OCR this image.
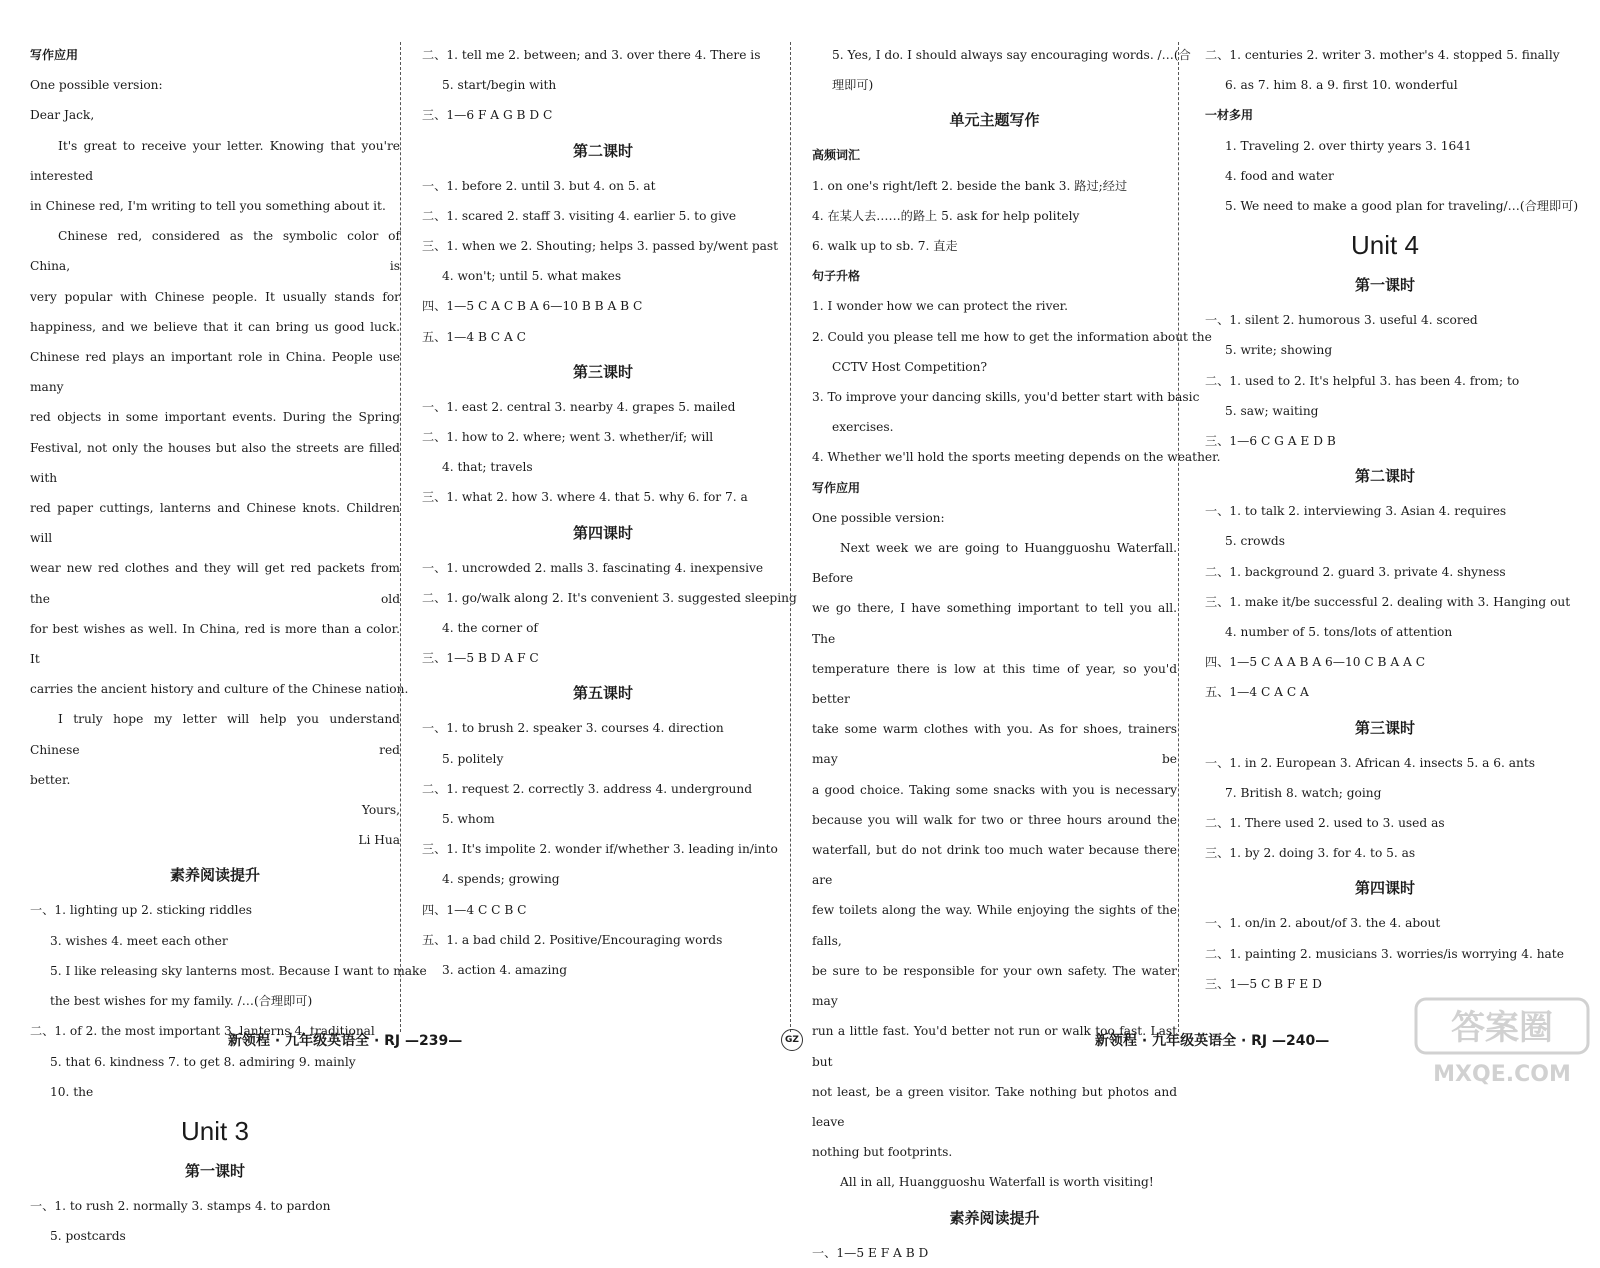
写作应用
One possible version:
Dear Jack,
It's great to receive your letter. Knowing that you're interested
in Chinese red, I'm writing to tell you something about it.
Chinese red, considered as the symbolic color of China, is
very popular with Chinese people. It usually stands for
happiness, and we believe that it can bring us good luck.
Chinese red plays an important role in China. People use many
red objects in some important events. During the Spring
Festival, not only the houses but also the streets are filled with
red paper cuttings, lanterns and Chinese knots. Children will
wear new red clothes and they will get red packets from the old
for best wishes as well. In China, red is more than a color. It
carries the ancient history and culture of the Chinese nation.
I truly hope my letter will help you understand Chinese red
better.
Yours,
Li Hua
素养阅读提升
一、1. lighting up 2. sticking riddles
3. wishes 4. meet each other
5. I like releasing sky lanterns most. Because I want to make
the best wishes for my family. /…(合理即可)
二、1. of 2. the most important 3. lanterns 4. traditional
5. that 6. kindness 7. to get 8. admiring 9. mainly
10. the
Unit 3
第一课时
一、1. to rush 2. normally 3. stamps 4. to pardon
5. postcards
二、1. tell me 2. between; and 3. over there 4. There is
5. start/begin with
三、1—6 F A G B D C
第二课时
一、1. before 2. until 3. but 4. on 5. at
二、1. scared 2. staff 3. visiting 4. earlier 5. to give
三、1. when we 2. Shouting; helps 3. passed by/went past
4. won't; until 5. what makes
四、1—5 C A C B A 6—10 B B A B C
五、1—4 B C A C
第三课时
一、1. east 2. central 3. nearby 4. grapes 5. mailed
二、1. how to 2. where; went 3. whether/if; will
4. that; travels
三、1. what 2. how 3. where 4. that 5. why 6. for 7. a
第四课时
一、1. uncrowded 2. malls 3. fascinating 4. inexpensive
二、1. go/walk along 2. It's convenient 3. suggested sleeping
4. the corner of
三、1—5 B D A F C
第五课时
一、1. to brush 2. speaker 3. courses 4. direction
5. politely
二、1. request 2. correctly 3. address 4. underground
5. whom
三、1. It's impolite 2. wonder if/whether 3. leading in/into
4. spends; growing
四、1—4 C C B C
五、1. a bad child 2. Positive/Encouraging words
3. action 4. amazing
5. Yes, I do. I should always say encouraging words. /…(合
理即可)
单元主题写作
高频词汇
1. on one's right/left 2. beside the bank 3. 路过;经过
4. 在某人去……的路上 5. ask for help politely
6. walk up to sb. 7. 直走
句子升格
1. I wonder how we can protect the river.
2. Could you please tell me how to get the information about the
CCTV Host Competition?
3. To improve your dancing skills, you'd better start with basic
exercises.
4. Whether we'll hold the sports meeting depends on the weather.
写作应用
One possible version:
Next week we are going to Huangguoshu Waterfall. Before
we go there, I have something important to tell you all. The
temperature there is low at this time of year, so you'd better
take some warm clothes with you. As for shoes, trainers may be
a good choice. Taking some snacks with you is necessary
because you will walk for two or three hours around the
waterfall, but do not drink too much water because there are
few toilets along the way. While enjoying the sights of the falls,
be sure to be responsible for your own safety. The water may
run a little fast. You'd better not run or walk too fast. Last but
not least, be a green visitor. Take nothing but photos and leave
nothing but footprints.
All in all, Huangguoshu Waterfall is worth visiting!
素养阅读提升
一、1—5 E F A B D
二、1. centuries 2. writer 3. mother's 4. stopped 5. finally
6. as 7. him 8. a 9. first 10. wonderful
一材多用
1. Traveling 2. over thirty years 3. 1641
4. food and water
5. We need to make a good plan for traveling/…(合理即可)
Unit 4
第一课时
一、1. silent 2. humorous 3. useful 4. scored
5. write; showing
二、1. used to 2. It's helpful 3. has been 4. from; to
5. saw; waiting
三、1—6 C G A E D B
第二课时
一、1. to talk 2. interviewing 3. Asian 4. requires
5. crowds
二、1. background 2. guard 3. private 4. shyness
三、1. make it/be successful 2. dealing with 3. Hanging out
4. number of 5. tons/lots of attention
四、1—5 C A A B A 6—10 C B A A C
五、1—4 C A C A
第三课时
一、1. in 2. European 3. African 4. insects 5. a 6. ants
7. British 8. watch; going
二、1. There used 2. used to 3. used as
三、1. by 2. doing 3. for 4. to 5. as
第四课时
一、1. on/in 2. about/of 3. the 4. about
二、1. painting 2. musicians 3. worries/is worrying 4. hate
三、1—5 C B F E D
新领程 · 九年级英语全 · RJ —239—	GZ	新领程 · 九年级英语全 · RJ —240—	答案圈
MXQE.COM
